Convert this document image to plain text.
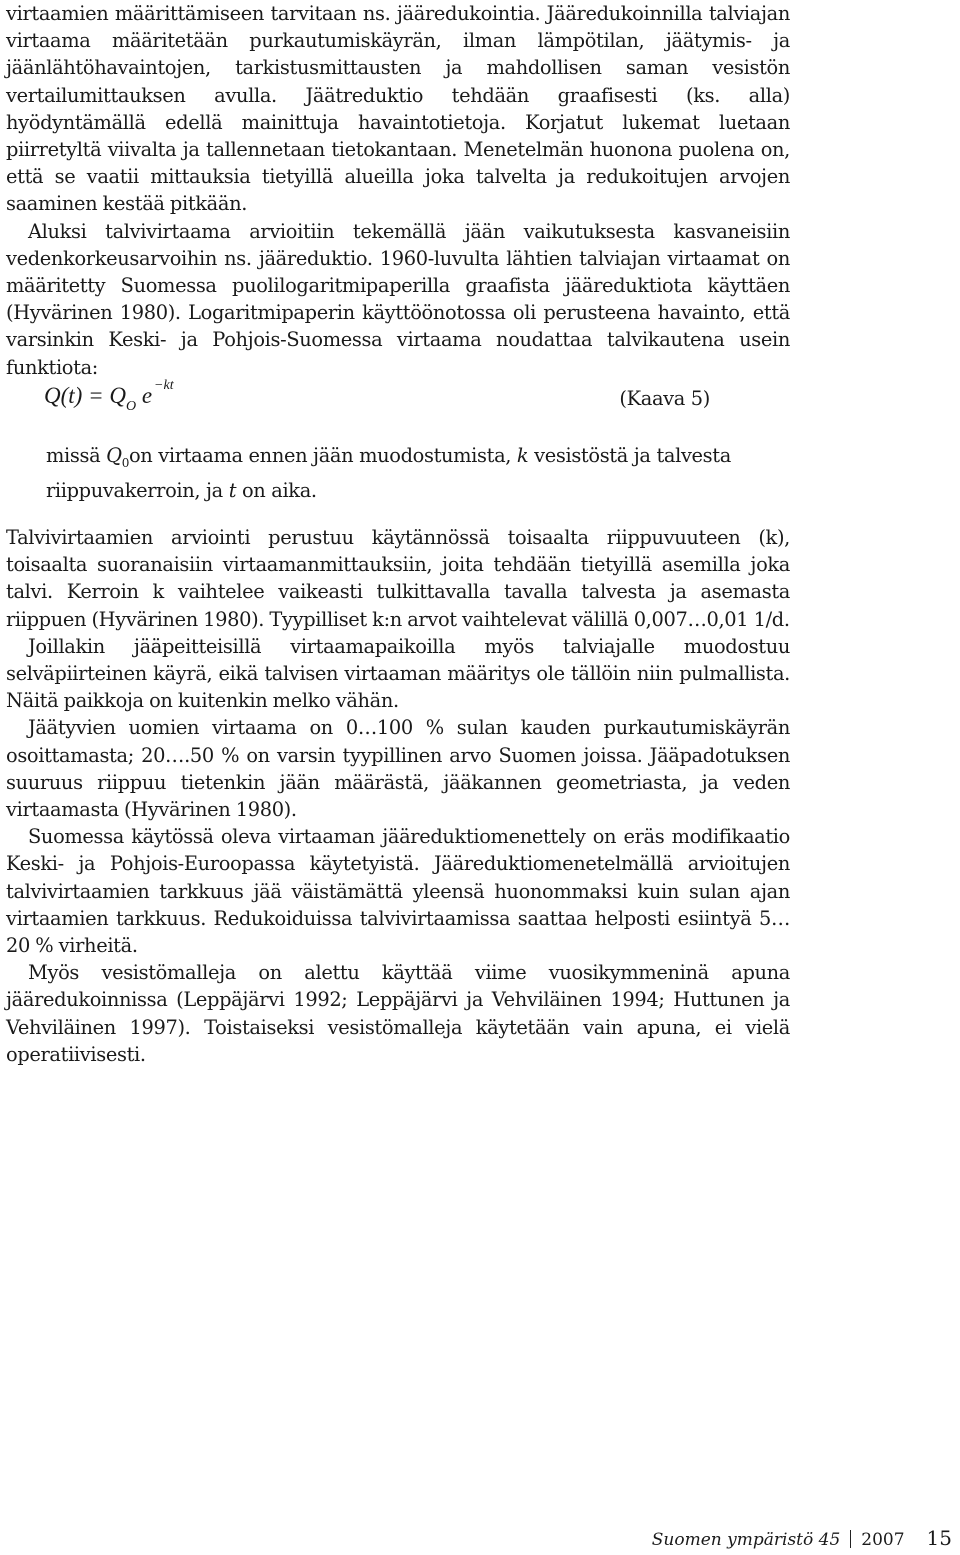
virtaamien määrittämiseen tarvitaan ns. jääredukointia. Jääredukoinnilla talviajan virtaama määritetään purkautumiskäyrän, ilman lämpötilan, jäätymis- ja jäänlähtöhavaintojen, tarkistusmittausten ja mahdollisen saman vesistön vertailumittauksen avulla. Jäätreduktio tehdään graafisesti (ks. alla) hyödyntämällä edellä mainittuja havaintotietoja. Korjatut lukemat luetaan piirretyltä viivalta ja tallennetaan tietokantaan. Menetelmän huonona puolena on, että se vaatii mittauksia tietyillä alueilla joka talvelta ja redukoitujen arvojen saaminen kestää pitkään.

Aluksi talvivirtaama arvioitiin tekemällä jään vaikutuksesta kasvaneisiin vedenkorkeusarvoihin ns. jääreduktio. 1960-luvulta lähtien talviajan virtaamat on määritetty Suomessa puolilogaritmipaperilla graafista jääreduktiota käyttäen (Hyvärinen 1980). Logaritmipaperin käyttöönotossa oli perusteena havainto, että varsinkin Keski- ja Pohjois-Suomessa virtaama noudattaa talvikautena usein funktiota:

$Q(t) = Q_O$ e $^{-kt}$
(Kaava 5)
missä $Q_0on$ virtaama ennen jään muodostumista, k vesistöstä ja talvesta
riippuvakerroin, ja t on aika.

Talvivirtaamien arviointi perustuu käytännössä toisaalta riippuvuuteen (k), toisaalta suoranaisiin virtaamanmittauksiin, joita tehdään tietyillä asemilla joka talvi. Kerroin k vaihtelee vaikeasti tulkittavalla tavalla talvesta ja asemasta riippuen (Hyvärinen 1980). Tyypilliset k:n arvot vaihtelevat välillä 0,007…0,01 1/d.

Joillakin jääpeitteisillä virtaamapaikoilla myös talviajalle muodostuu selväpiirteinen käyrä, eikä talvisen virtaaman määritys ole tällöin niin pulmallista. Näitä paikkoja on kuitenkin melko vähän.

Jäätyvien uomien virtaama on 0…100 % sulan kauden purkautumiskäyrän osoittamasta; 20….50 % on varsin tyypillinen arvo Suomen joissa. Jääpadotuksen suuruus riippuu tietenkin jään määrästä, jääkannen geometriasta, ja veden virtaamasta (Hyvärinen 1980).

Suomessa käytössä oleva virtaaman jääreduktiomenettely on eräs modifikaatio Keski- ja Pohjois-Euroopassa käytetyistä. Jääreduktiomenetelmällä arvioitujen talvivirtaamien tarkkuus jää väistämättä yleensä huonommaksi kuin sulan ajan virtaamien tarkkuus. Redukoiduissa talvivirtaamissa saattaa helposti esiintyä 5…20 % virheitä.

Myös vesistömalleja on alettu käyttää viime vuosikymmeninä apuna jääredukoinnissa (Leppäjärvi 1992; Leppäjärvi ja Vehviläinen 1994; Huttunen ja Vehviläinen 1997). Toistaiseksi vesistömalleja käytetään vain apuna, ei vielä operatiivisesti.

Suomen ympäristö 45 2007 15
